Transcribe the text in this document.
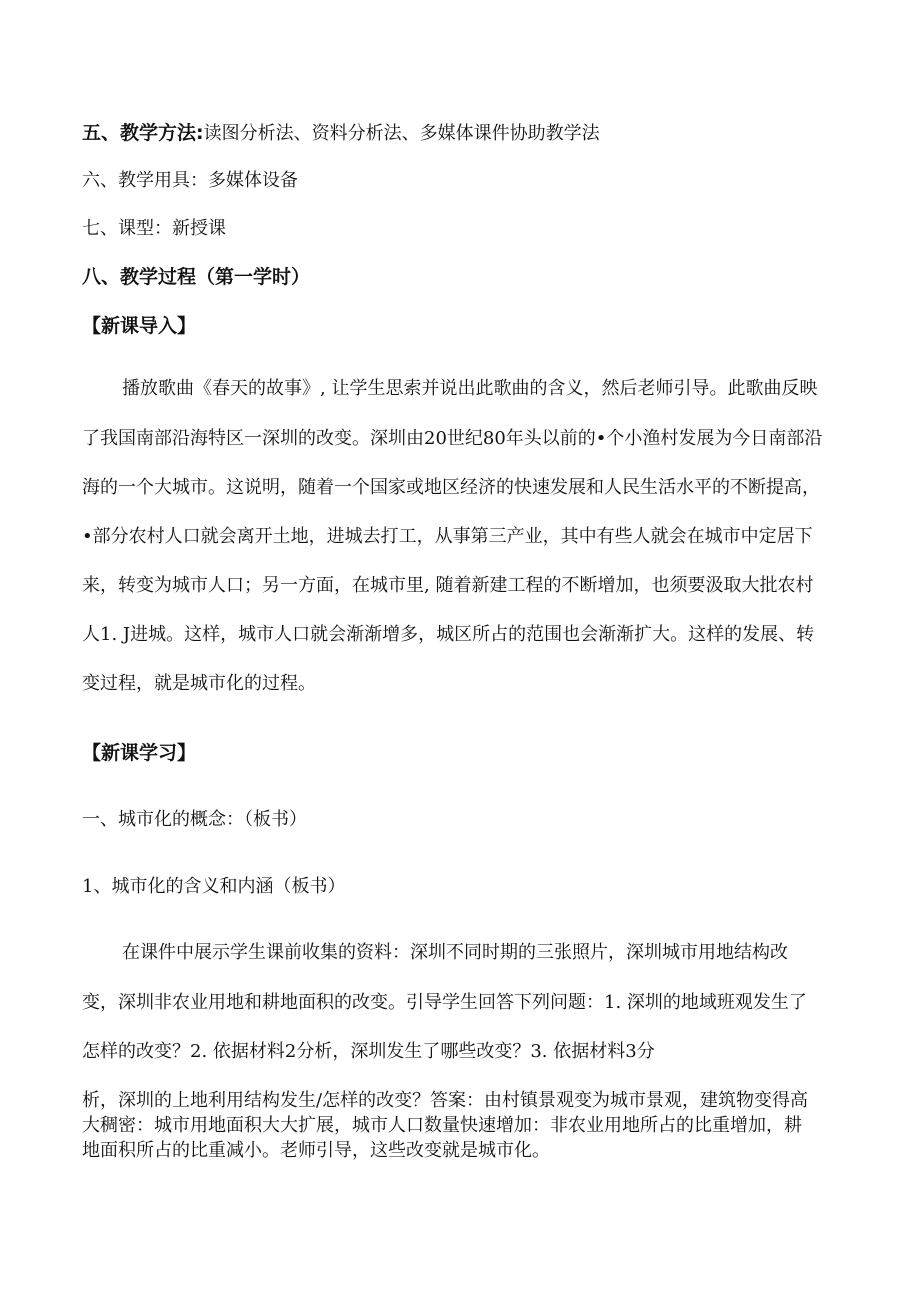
五、教学方法:读图分析法、资料分析法、多媒体课件协助教学法
六、教学用具：多媒体设备
七、课型：新授课
八、教学过程（第一学时）
【新课导入】
播放歌曲《春天的故事》, 让学生思索并说出此歌曲的含义，然后老师引导。此歌曲反映
了我国南部沿海特区一深圳的改变。深圳由20世纪80年头以前的•个小渔村发展为今日南部沿
海的一个大城市。这说明，随着一个国家或地区经济的快速发展和人民生活水平的不断提高，
•部分农村人口就会离开土地，进城去打工，从事第三产业，其中有些人就会在城市中定居下
来，转变为城市人口；另一方面，在城市里, 随着新建工程的不断增加，也须要汲取大批农村
人1. J进城。这样，城市人口就会渐渐增多，城区所占的范围也会渐渐扩大。这样的发展、转
变过程，就是城市化的过程。
【新课学习】
一、城市化的概念：（板书）
1、城市化的含义和内涵（板书）
在课件中展示学生课前收集的资料：深圳不同时期的三张照片，深圳城市用地结构改
变，深圳非农业用地和耕地面积的改变。引导学生回答下列问题：1. 深圳的地域班观发生了
怎样的改变？2. 依据材料2分析，深圳发生了哪些改变？3. 依据材料3分
析，深圳的上地利用结构发生/怎样的改变？答案：由村镇景观变为城市景观，建筑物变得高
大稠密：城市用地面积大大扩展，城市人口数量快速增加：非农业用地所占的比重增加，耕
地面积所占的比重减小。老师引导，这些改变就是城市化。
